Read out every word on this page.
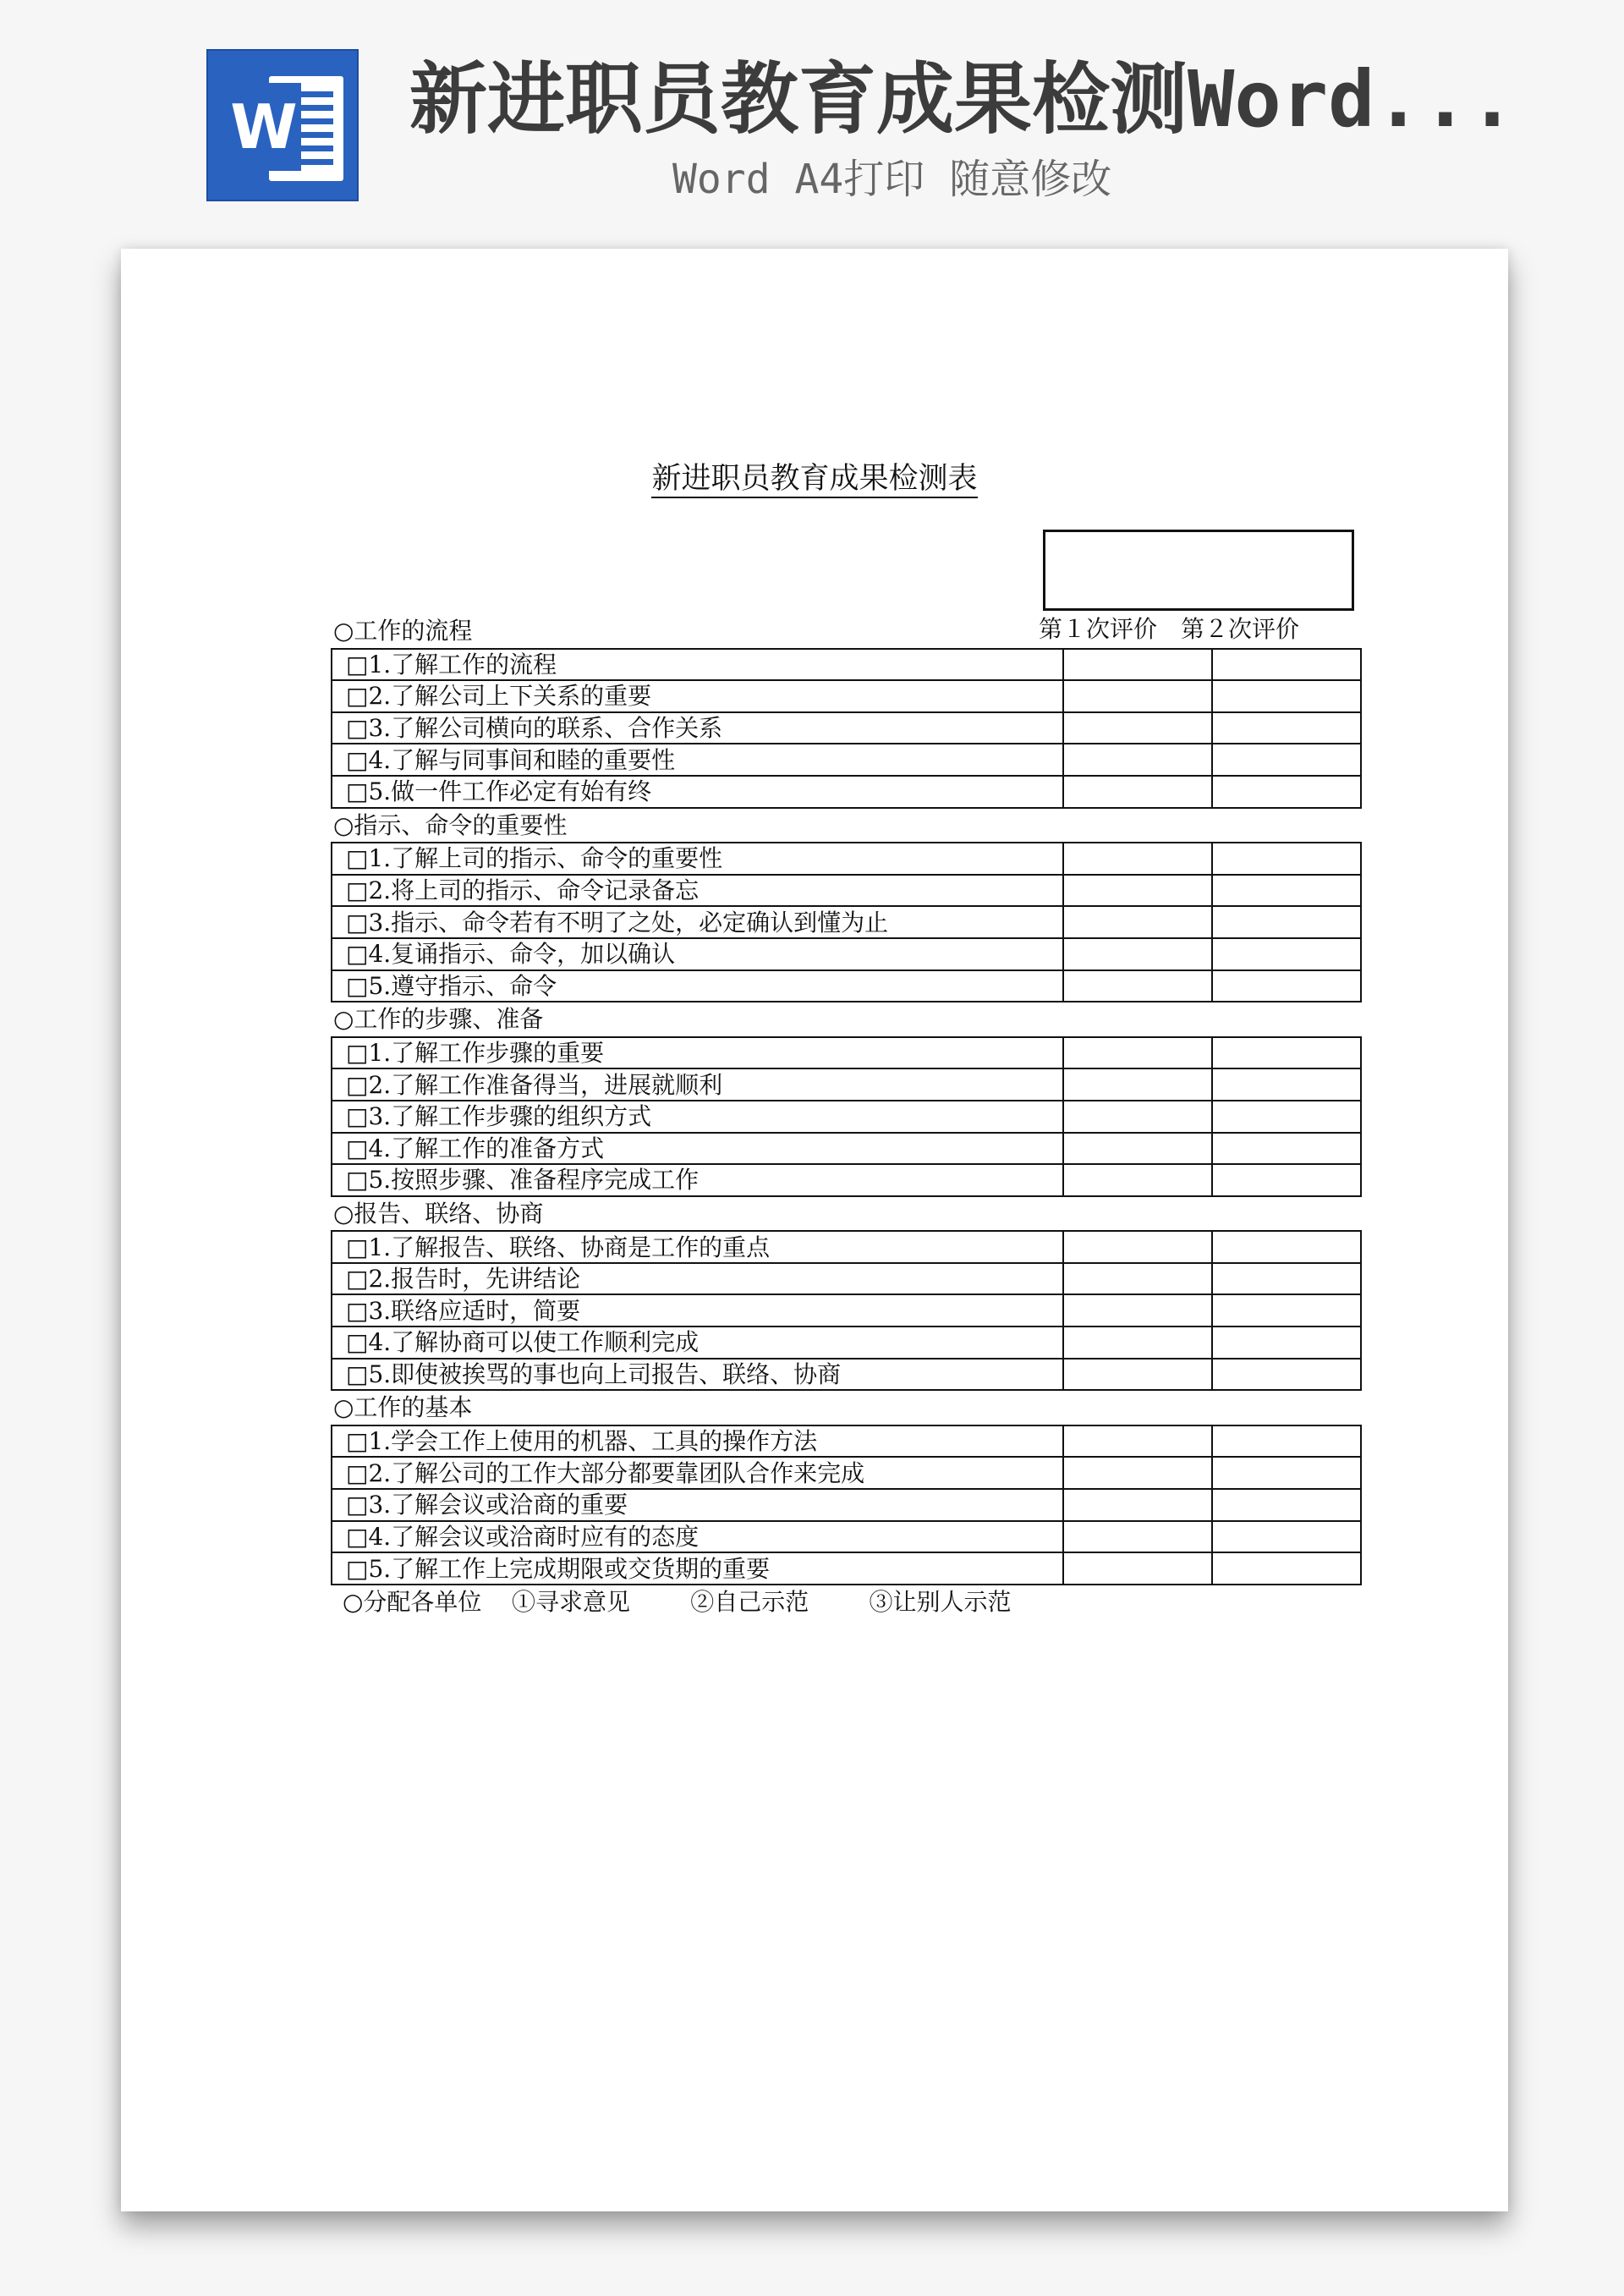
W 新进职员教育成果检测Word...
Word A4打印 随意修改
新进职员教育成果检测表
第１次评价 第２次评价
○工作的流程
□1.了解工作的流程		
□2.了解公司上下关系的重要		
□3.了解公司横向的联系、合作关系		
□4.了解与同事间和睦的重要性		
□5.做一件工作必定有始有终		
○指示、命令的重要性
□1.了解上司的指示、命令的重要性		
□2.将上司的指示、命令记录备忘		
□3.指示、命令若有不明了之处，必定确认到懂为止		
□4.复诵指示、命令，加以确认		
□5.遵守指示、命令		
○工作的步骤、准备
□1.了解工作步骤的重要		
□2.了解工作准备得当，进展就顺利		
□3.了解工作步骤的组织方式		
□4.了解工作的准备方式		
□5.按照步骤、准备程序完成工作		
○报告、联络、协商
□1.了解报告、联络、协商是工作的重点		
□2.报告时，先讲结论		
□3.联络应适时，简要		
□4.了解协商可以使工作顺利完成		
□5.即使被挨骂的事也向上司报告、联络、协商		
○工作的基本
□1.学会工作上使用的机器、工具的操作方法		
□2.了解公司的工作大部分都要靠团队合作来完成		
□3.了解会议或洽商的重要		
□4.了解会议或洽商时应有的态度		
□5.了解工作上完成期限或交货期的重要		
○分配各单位    ①寻求意见        ②自己示范        ③让别人示范
